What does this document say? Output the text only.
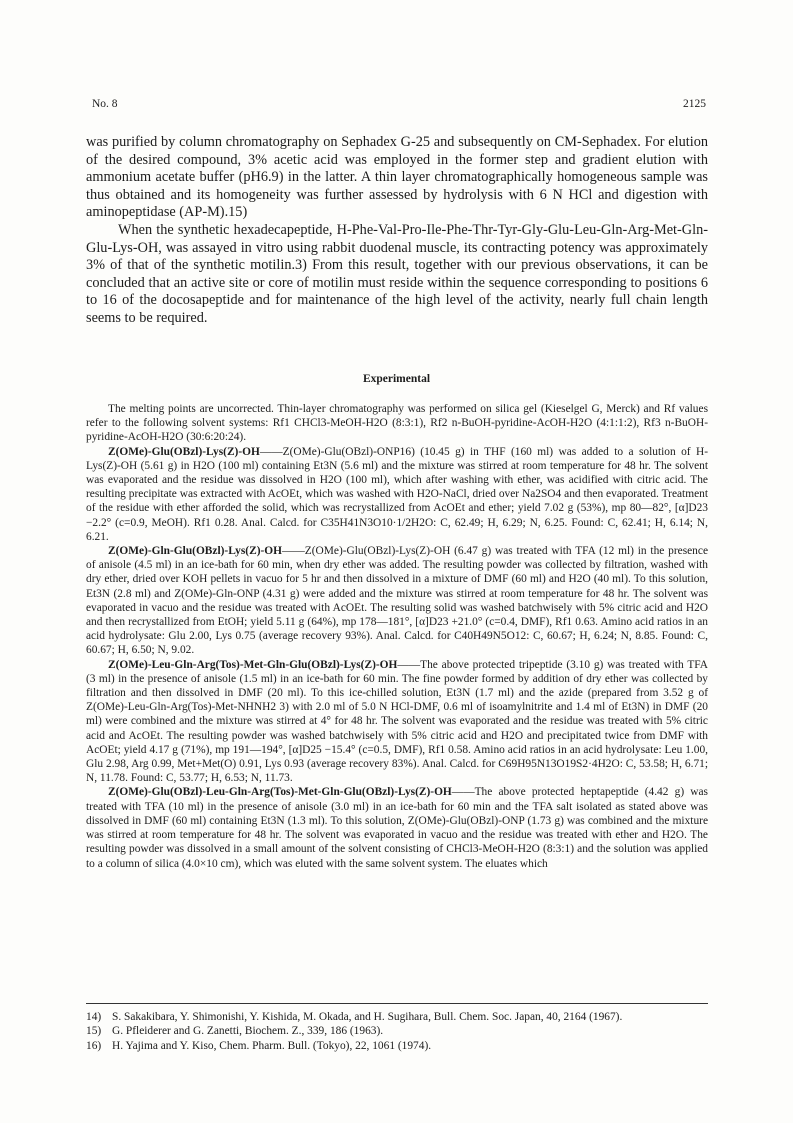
No. 8	2125

was purified by column chromatography on Sephadex G-25 and subsequently on CM-Sephadex. For elution of the desired compound, 3% acetic acid was employed in the former step and gradient elution with ammonium acetate buffer (pH6.9) in the latter. A thin layer chromatographically homogeneous sample was thus obtained and its homogeneity was further assessed by hydrolysis with 6 N HCl and digestion with aminopeptidase (AP-M).15)

When the synthetic hexadecapeptide, H-Phe-Val-Pro-Ile-Phe-Thr-Tyr-Gly-Glu-Leu-Gln-Arg-Met-Gln-Glu-Lys-OH, was assayed in vitro using rabbit duodenal muscle, its contracting potency was approximately 3% of that of the synthetic motilin.3) From this result, together with our previous observations, it can be concluded that an active site or core of motilin must reside within the sequence corresponding to positions 6 to 16 of the docosapeptide and for maintenance of the high level of the activity, nearly full chain length seems to be required.

Experimental

The melting points are uncorrected. Thin-layer chromatography was performed on silica gel (Kieselgel G, Merck) and Rf values refer to the following solvent systems: Rf1 CHCl3-MeOH-H2O (8:3:1), Rf2 n-BuOH-pyridine-AcOH-H2O (4:1:1:2), Rf3 n-BuOH-pyridine-AcOH-H2O (30:6:20:24).

Z(OMe)-Glu(OBzl)-Lys(Z)-OH——Z(OMe)-Glu(OBzl)-ONP16) (10.45 g) in THF (160 ml) was added to a solution of H-Lys(Z)-OH (5.61 g) in H2O (100 ml) containing Et3N (5.6 ml) and the mixture was stirred at room temperature for 48 hr. The solvent was evaporated and the residue was dissolved in H2O (100 ml), which after washing with ether, was acidified with citric acid. The resulting precipitate was extracted with AcOEt, which was washed with H2O-NaCl, dried over Na2SO4 and then evaporated. Treatment of the residue with ether afforded the solid, which was recrystallized from AcOEt and ether; yield 7.02 g (53%), mp 80—82°, [α]D23 −2.2° (c=0.9, MeOH). Rf1 0.28. Anal. Calcd. for C35H41N3O10·1/2H2O: C, 62.49; H, 6.29; N, 6.25. Found: C, 62.41; H, 6.14; N, 6.21.

Z(OMe)-Gln-Glu(OBzl)-Lys(Z)-OH——Z(OMe)-Glu(OBzl)-Lys(Z)-OH (6.47 g) was treated with TFA (12 ml) in the presence of anisole (4.5 ml) in an ice-bath for 60 min, when dry ether was added. The resulting powder was collected by filtration, washed with dry ether, dried over KOH pellets in vacuo for 5 hr and then dissolved in a mixture of DMF (60 ml) and H2O (40 ml). To this solution, Et3N (2.8 ml) and Z(OMe)-Gln-ONP (4.31 g) were added and the mixture was stirred at room temperature for 48 hr. The solvent was evaporated in vacuo and the residue was treated with AcOEt. The resulting solid was washed batchwisely with 5% citric acid and H2O and then recrystallized from EtOH; yield 5.11 g (64%), mp 178—181°, [α]D23 +21.0° (c=0.4, DMF), Rf1 0.63. Amino acid ratios in an acid hydrolysate: Glu 2.00, Lys 0.75 (average recovery 93%). Anal. Calcd. for C40H49N5O12: C, 60.67; H, 6.24; N, 8.85. Found: C, 60.67; H, 6.50; N, 9.02.

Z(OMe)-Leu-Gln-Arg(Tos)-Met-Gln-Glu(OBzl)-Lys(Z)-OH——The above protected tripeptide (3.10 g) was treated with TFA (3 ml) in the presence of anisole (1.5 ml) in an ice-bath for 60 min. The fine powder formed by addition of dry ether was collected by filtration and then dissolved in DMF (20 ml). To this ice-chilled solution, Et3N (1.7 ml) and the azide (prepared from 3.52 g of Z(OMe)-Leu-Gln-Arg(Tos)-Met-NHNH2 3) with 2.0 ml of 5.0 N HCl-DMF, 0.6 ml of isoamylnitrite and 1.4 ml of Et3N) in DMF (20 ml) were combined and the mixture was stirred at 4° for 48 hr. The solvent was evaporated and the residue was treated with 5% citric acid and AcOEt. The resulting powder was washed batchwisely with 5% citric acid and H2O and precipitated twice from DMF with AcOEt; yield 4.17 g (71%), mp 191—194°, [α]D25 −15.4° (c=0.5, DMF), Rf1 0.58. Amino acid ratios in an acid hydrolysate: Leu 1.00, Glu 2.98, Arg 0.99, Met+Met(O) 0.91, Lys 0.93 (average recovery 83%). Anal. Calcd. for C69H95N13O19S2·4H2O: C, 53.58; H, 6.71; N, 11.78. Found: C, 53.77; H, 6.53; N, 11.73.

Z(OMe)-Glu(OBzl)-Leu-Gln-Arg(Tos)-Met-Gln-Glu(OBzl)-Lys(Z)-OH——The above protected heptapeptide (4.42 g) was treated with TFA (10 ml) in the presence of anisole (3.0 ml) in an ice-bath for 60 min and the TFA salt isolated as stated above was dissolved in DMF (60 ml) containing Et3N (1.3 ml). To this solution, Z(OMe)-Glu(OBzl)-ONP (1.73 g) was combined and the mixture was stirred at room temperature for 48 hr. The solvent was evaporated in vacuo and the residue was treated with ether and H2O. The resulting powder was dissolved in a small amount of the solvent consisting of CHCl3-MeOH-H2O (8:3:1) and the solution was applied to a column of silica (4.0×10 cm), which was eluted with the same solvent system. The eluates which

14) S. Sakakibara, Y. Shimonishi, Y. Kishida, M. Okada, and H. Sugihara, Bull. Chem. Soc. Japan, 40, 2164 (1967).

15) G. Pfleiderer and G. Zanetti, Biochem. Z., 339, 186 (1963).

16) H. Yajima and Y. Kiso, Chem. Pharm. Bull. (Tokyo), 22, 1061 (1974).
